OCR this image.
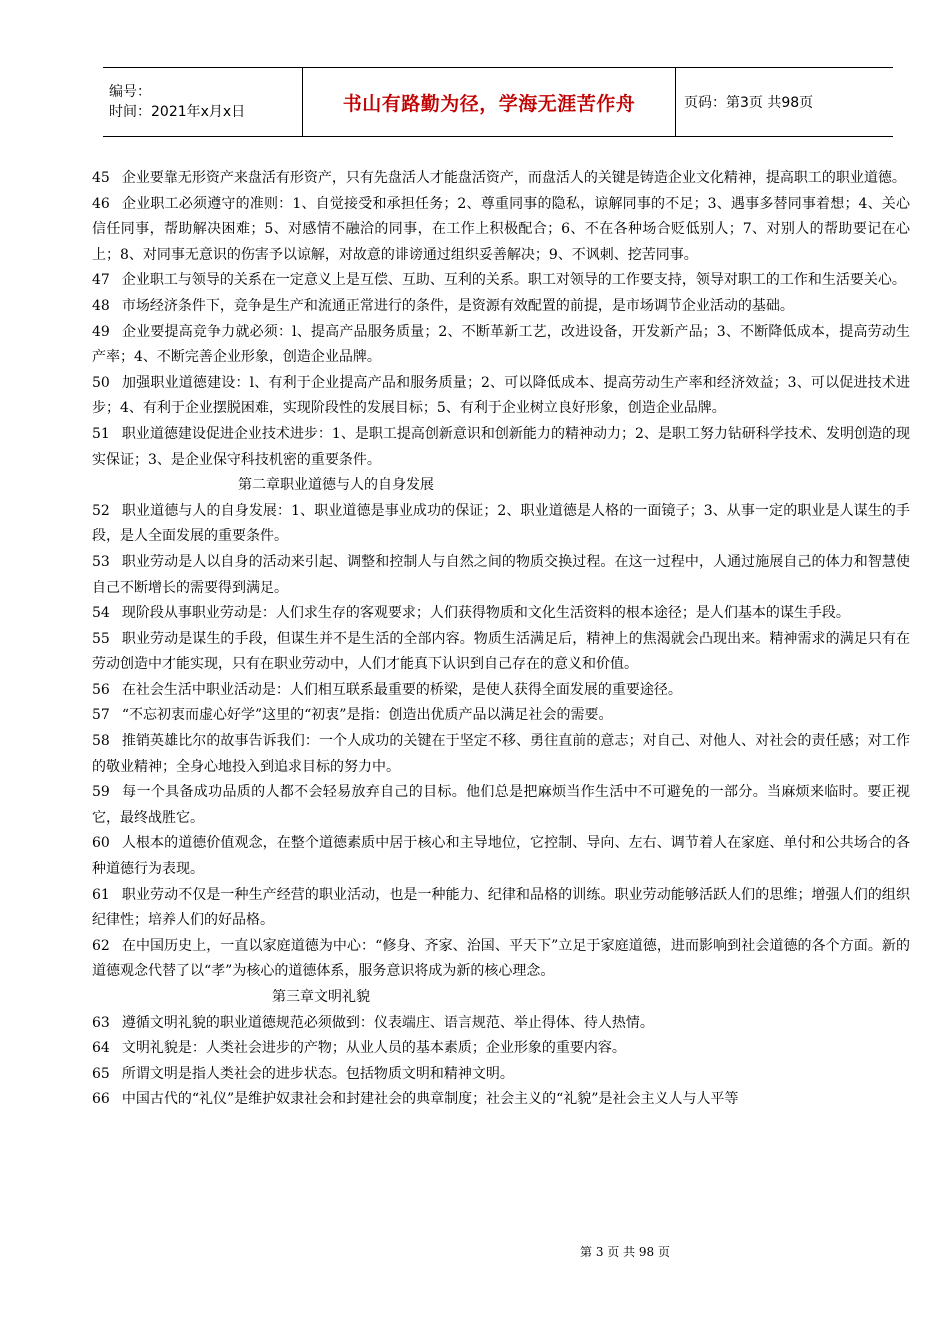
编号：
时间：2021年x月x日	书山有路勤为径，学海无涯苦作舟	页码：第3页 共98页
45 企业要靠无形资产来盘活有形资产，只有先盘活人才能盘活资产，而盘活人的关键是铸造企业文化精神，提高职工的职业道德。
46 企业职工必须遵守的准则：1、自觉接受和承担任务；2、尊重同事的隐私，谅解同事的不足；3、遇事多替同事着想；4、关心信任同事，帮助解决困难；5、对感情不融洽的同事，在工作上积极配合；6、不在各种场合贬低别人；7、对别人的帮助要记在心上；8、对同事无意识的伤害予以谅解，对故意的诽谤通过组织妥善解决；9、不讽刺、挖苦同事。
47 企业职工与领导的关系在一定意义上是互偿、互助、互利的关系。职工对领导的工作要支持，领导对职工的工作和生活要关心。
48 市场经济条件下，竞争是生产和流通正常进行的条件，是资源有效配置的前提，是市场调节企业活动的基础。
49 企业要提高竞争力就必须：l、提高产品服务质量；2、不断革新工艺，改进设备，开发新产品；3、不断降低成本，提高劳动生产率；4、不断完善企业形象，创造企业品牌。
50 加强职业道德建设：l、有利于企业提高产品和服务质量；2、可以降低成本、提高劳动生产率和经济效益；3、可以促进技术进步；4、有利于企业摆脱困难，实现阶段性的发展目标；5、有利于企业树立良好形象，创造企业品牌。
51 职业道德建设促进企业技术进步：1、是职工提高创新意识和创新能力的精神动力；2、是职工努力钻研科学技术、发明创造的现实保证；3、是企业保守科技机密的重要条件。
第二章职业道德与人的自身发展
52 职业道德与人的自身发展：1、职业道德是事业成功的保证；2、职业道德是人格的一面镜子；3、从事一定的职业是人谋生的手段，是人全面发展的重要条件。
53 职业劳动是人以自身的活动来引起、调整和控制人与自然之间的物质交换过程。在这一过程中，人通过施展自己的体力和智慧使自己不断增长的需要得到满足。
54 现阶段从事职业劳动是：人们求生存的客观要求；人们获得物质和文化生活资料的根本途径；是人们基本的谋生手段。
55 职业劳动是谋生的手段，但谋生并不是生活的全部内容。物质生活满足后，精神上的焦渴就会凸现出来。精神需求的满足只有在劳动创造中才能实现，只有在职业劳动中，人们才能真下认识到自己存在的意义和价值。
56 在社会生活中职业活动是：人们相互联系最重要的桥梁，是使人获得全面发展的重要途径。
57 “不忘初衷而虚心好学”这里的“初衷”是指：创造出优质产品以满足社会的需要。
58 推销英雄比尔的故事告诉我们：一个人成功的关键在于坚定不移、勇往直前的意志；对自己、对他人、对社会的责任感；对工作的敬业精神；全身心地投入到追求目标的努力中。
59 每一个具备成功品质的人都不会轻易放弃自己的目标。他们总是把麻烦当作生活中不可避免的一部分。当麻烦来临时。要正视它，最终战胜它。
60 人根本的道德价值观念，在整个道德素质中居于核心和主导地位，它控制、导向、左右、调节着人在家庭、单付和公共场合的各种道德行为表现。
61 职业劳动不仅是一种生产经营的职业活动，也是一种能力、纪律和品格的训练。职业劳动能够活跃人们的思维；增强人们的组织纪律性；培养人们的好品格。
62 在中国历史上，一直以家庭道德为中心：“修身、齐家、治国、平天下”立足于家庭道德，进而影响到社会道德的各个方面。新的道德观念代替了以“孝”为核心的道德体系，服务意识将成为新的核心理念。
第三章文明礼貌
63 遵循文明礼貌的职业道德规范必须做到：仪表端庄、语言规范、举止得体、待人热情。
64 文明礼貌是：人类社会进步的产物；从业人员的基本素质；企业形象的重要内容。
65 所谓文明是指人类社会的进步状态。包括物质文明和精神文明。
66 中国古代的“礼仪”是维护奴隶社会和封建社会的典章制度；社会主义的“礼貌”是社会主义人与人平等
第 3 页 共 98 页
